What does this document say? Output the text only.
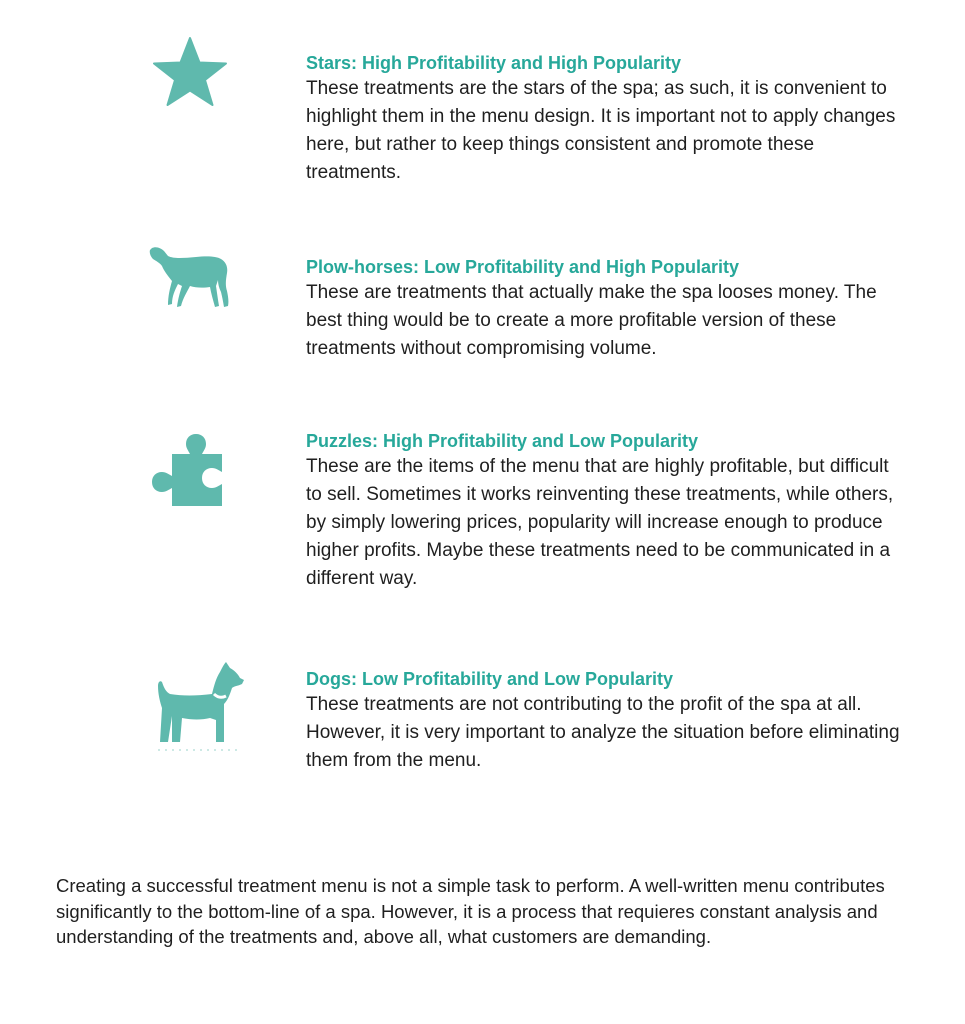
Stars: High Profitability and High Popularity

These treatments are the stars of the spa; as such, it is convenient to highlight them in the menu design. It is important not to apply changes here, but rather to keep things consistent and promote these treatments.

Plow-horses: Low Profitability and High Popularity

These are treatments that actually make the spa looses money. The best thing would be to create a more profitable version of these treatments without compromising volume.

Puzzles: High Profitability and Low Popularity

These are the items of the menu that are highly profitable, but difficult to sell. Sometimes it works reinventing these treatments, while others, by simply lowering prices, popularity will increase enough to produce higher profits. Maybe these treatments need to be communicated in a different way.

Dogs: Low Profitability and Low Popularity

These treatments are not contributing to the profit of the spa at all. However, it is very important to analyze the situation before eliminating them from the menu.

Creating a successful treatment menu is not a simple task to perform. A well-written menu contributes significantly to the bottom-line of a spa. However, it is a process that requieres constant analysis and understanding of the treatments and, above all, what customers are demanding.
